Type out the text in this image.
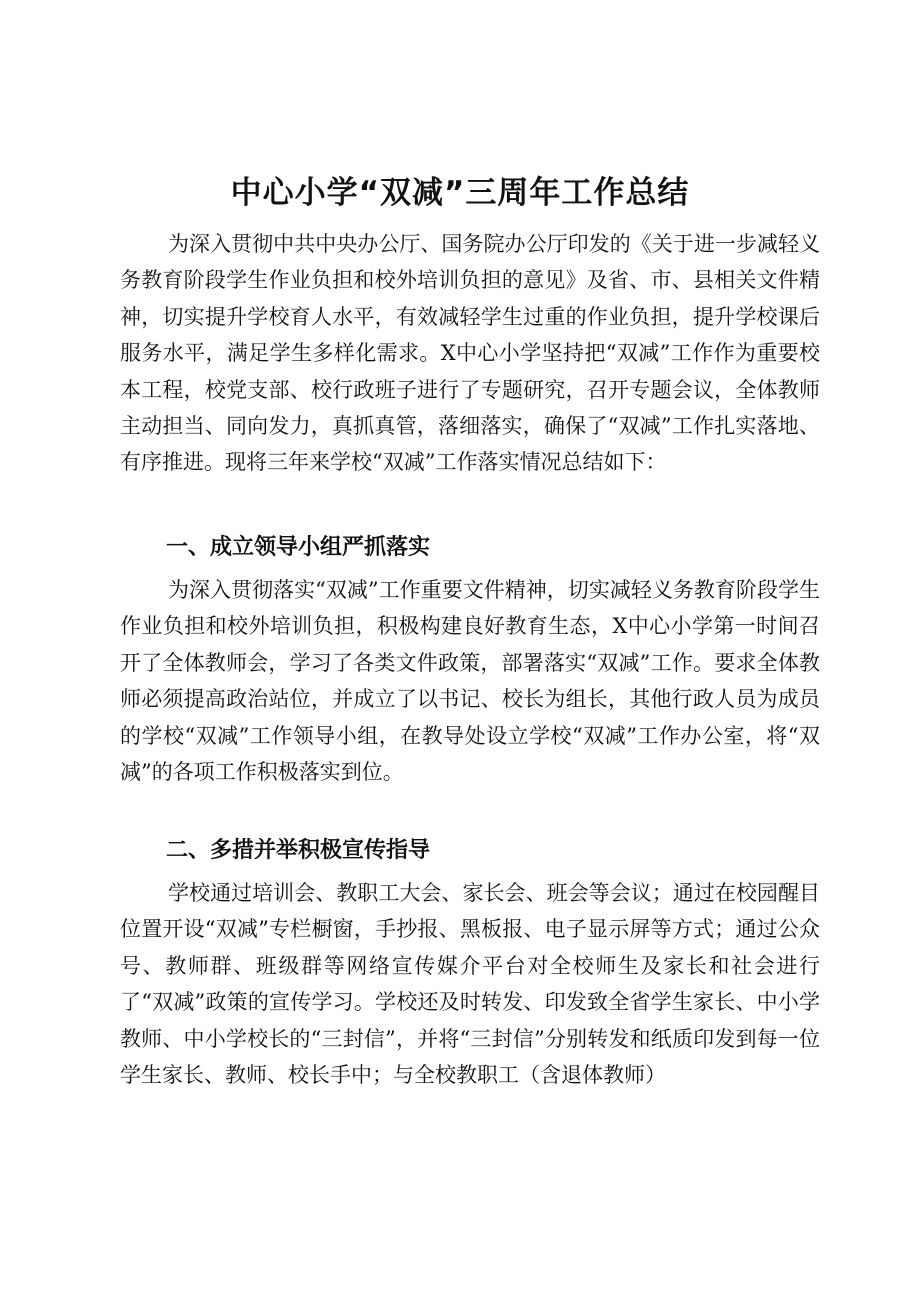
中心小学“双减”三周年工作总结

为深入贯彻中共中央办公厅、国务院办公厅印发的《关于进一步减轻义务教育阶段学生作业负担和校外培训负担的意见》及省、市、县相关文件精神，切实提升学校育人水平，有效减轻学生过重的作业负担，提升学校课后服务水平，满足学生多样化需求。X中心小学坚持把“双减”工作作为重要校本工程，校党支部、校行政班子进行了专题研究，召开专题会议，全体教师主动担当、同向发力，真抓真管，落细落实，确保了“双减”工作扎实落地、有序推进。现将三年来学校“双减”工作落实情况总结如下：

一、成立领导小组严抓落实

为深入贯彻落实“双减”工作重要文件精神，切实减轻义务教育阶段学生作业负担和校外培训负担，积极构建良好教育生态，X中心小学第一时间召开了全体教师会，学习了各类文件政策，部署落实“双减”工作。要求全体教师必须提高政治站位，并成立了以书记、校长为组长，其他行政人员为成员的学校“双减”工作领导小组，在教导处设立学校“双减”工作办公室，将“双减”的各项工作积极落实到位。

二、多措并举积极宣传指导

学校通过培训会、教职工大会、家长会、班会等会议；通过在校园醒目位置开设“双减”专栏橱窗，手抄报、黑板报、电子显示屏等方式；通过公众号、教师群、班级群等网络宣传媒介平台对全校师生及家长和社会进行了“双减”政策的宣传学习。学校还及时转发、印发致全省学生家长、中小学教师、中小学校长的“三封信”，并将“三封信”分别转发和纸质印发到每一位学生家长、教师、校长手中；与全校教职工（含退体教师）
